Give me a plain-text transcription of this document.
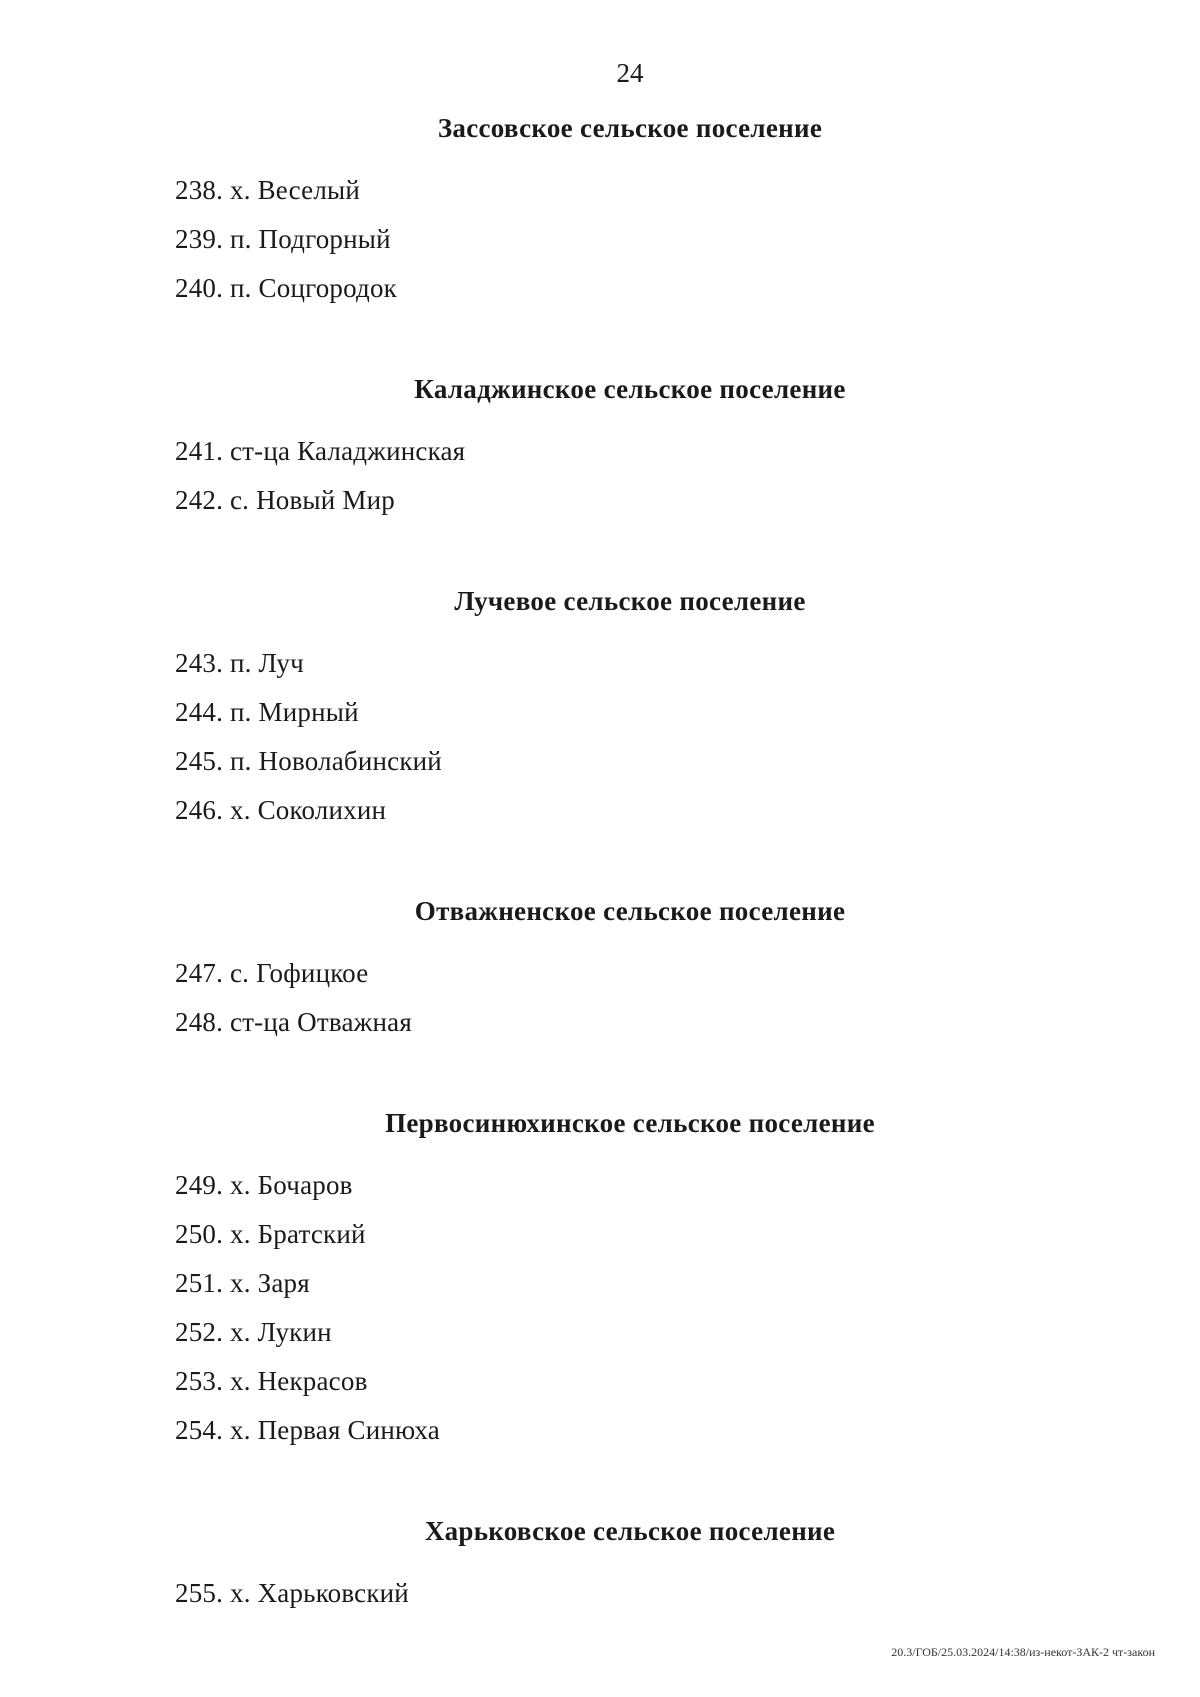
24
Зассовское сельское поселение
238. х. Веселый
239. п. Подгорный
240. п. Соцгородок
Каладжинское сельское поселение
241. ст-ца Каладжинская
242. с. Новый Мир
Лучевое сельское поселение
243. п. Луч
244. п. Мирный
245. п. Новолабинский
246. х. Соколихин
Отважненское сельское поселение
247. с. Гофицкое
248. ст-ца Отважная
Первосинюхинское сельское поселение
249. х. Бочаров
250. х. Братский
251. х. Заря
252. х. Лукин
253. х. Некрасов
254. х. Первая Синюха
Харьковское сельское поселение
255. х. Харьковский
20.3/ГОБ/25.03.2024/14:38/из-некот-ЗАК-2 чт-закон
